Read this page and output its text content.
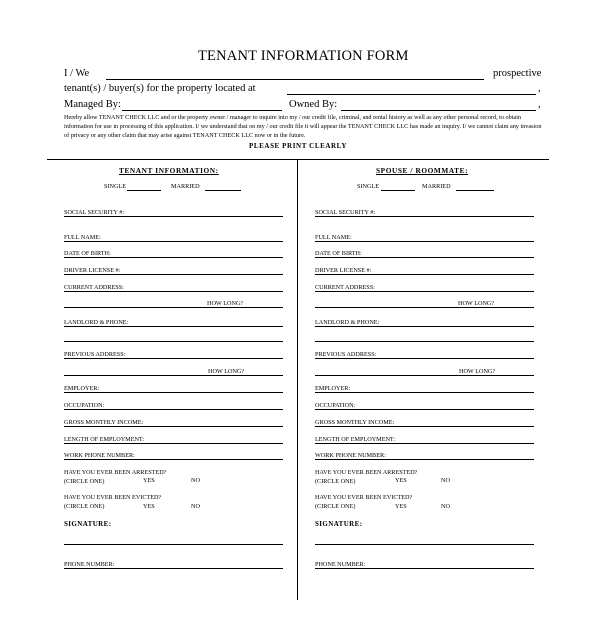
TENANT INFORMATION FORM
I / We	prospective
tenant(s) / buyer(s) for the property located at	,
Managed By:	Owned By:	,
Hereby allow TENANT CHECK LLC and or the property owner / manager to inquire into my / our credit file, criminal, and rental history as well as any other personal record, to obtain information for use in processing of this application. I/ we understand that on my / our credit file it will appear the TENANT CHECK LLC has made an inquiry. I/ we cannot claim any invasion of privacy or any other claim that may arise against TENANT CHECK LLC now or in the future.
PLEASE PRINT CLEARLY
TENANT INFORMATION:
SINGLE	MARRIED
SOCIAL SECURITY #:
FULL NAME:
DATE OF BIRTH:
DRIVER LICENSE #:
CURRENT ADDRESS:
HOW LONG?
LANDLORD & PHONE:
PREVIOUS ADDRESS:
HOW LONG?
EMPLOYER:
OCCUPATION:
GROSS MONTHLY INCOME:
LENGTH OF EMPLOYMENT:
WORK PHONE NUMBER:
HAVE YOU EVER BEEN ARRESTED?
(CIRCLE ONE)	YES	NO
HAVE YOU EVER BEEN EVICTED?
(CIRCLE ONE)	YES	NO
SIGNATURE:
PHONE NUMBER:
SPOUSE / ROOMMATE:
SINGLE	MARRIED
SOCIAL SECURITY #:
FULL NAME:
DATE OF BIRTH:
DRIVER LICENSE #:
CURRENT ADDRESS:
HOW LONG?
LANDLORD & PHONE:
PREVIOUS ADDRESS:
HOW LONG?
EMPLOYER:
OCCUPATION:
GROSS MONTHLY INCOME:
LENGTH OF EMPLOYMENT:
WORK PHONE NUMBER:
HAVE YOU EVER BEEN ARRESTED?
(CIRCLE ONE)	YES	NO
HAVE YOU EVER BEEN EVICTED?
(CIRCLE ONE)	YES	NO
SIGNATURE:
PHONE NUMBER:
